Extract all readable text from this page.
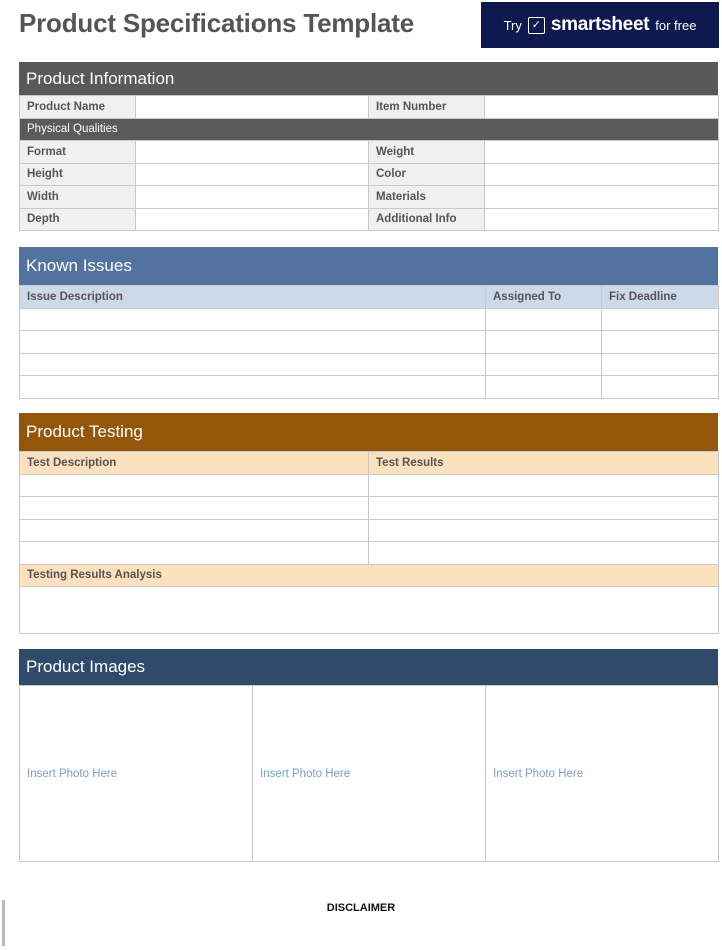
Product Specifications Template	Try ✓ smartsheet for free
Product Information
Product Name		Item Number	
Physical Qualities			
Format		Weight	
Height		Color	
Width		Materials	
Depth		Additional Info	
Known Issues
Issue Description	Assigned To	Fix Deadline

Product Testing
Test Description	Test Results

Testing Results Analysis	

Product Images
Insert Photo Here	Insert Photo Here	Insert Photo Here
DISCLAIMER
